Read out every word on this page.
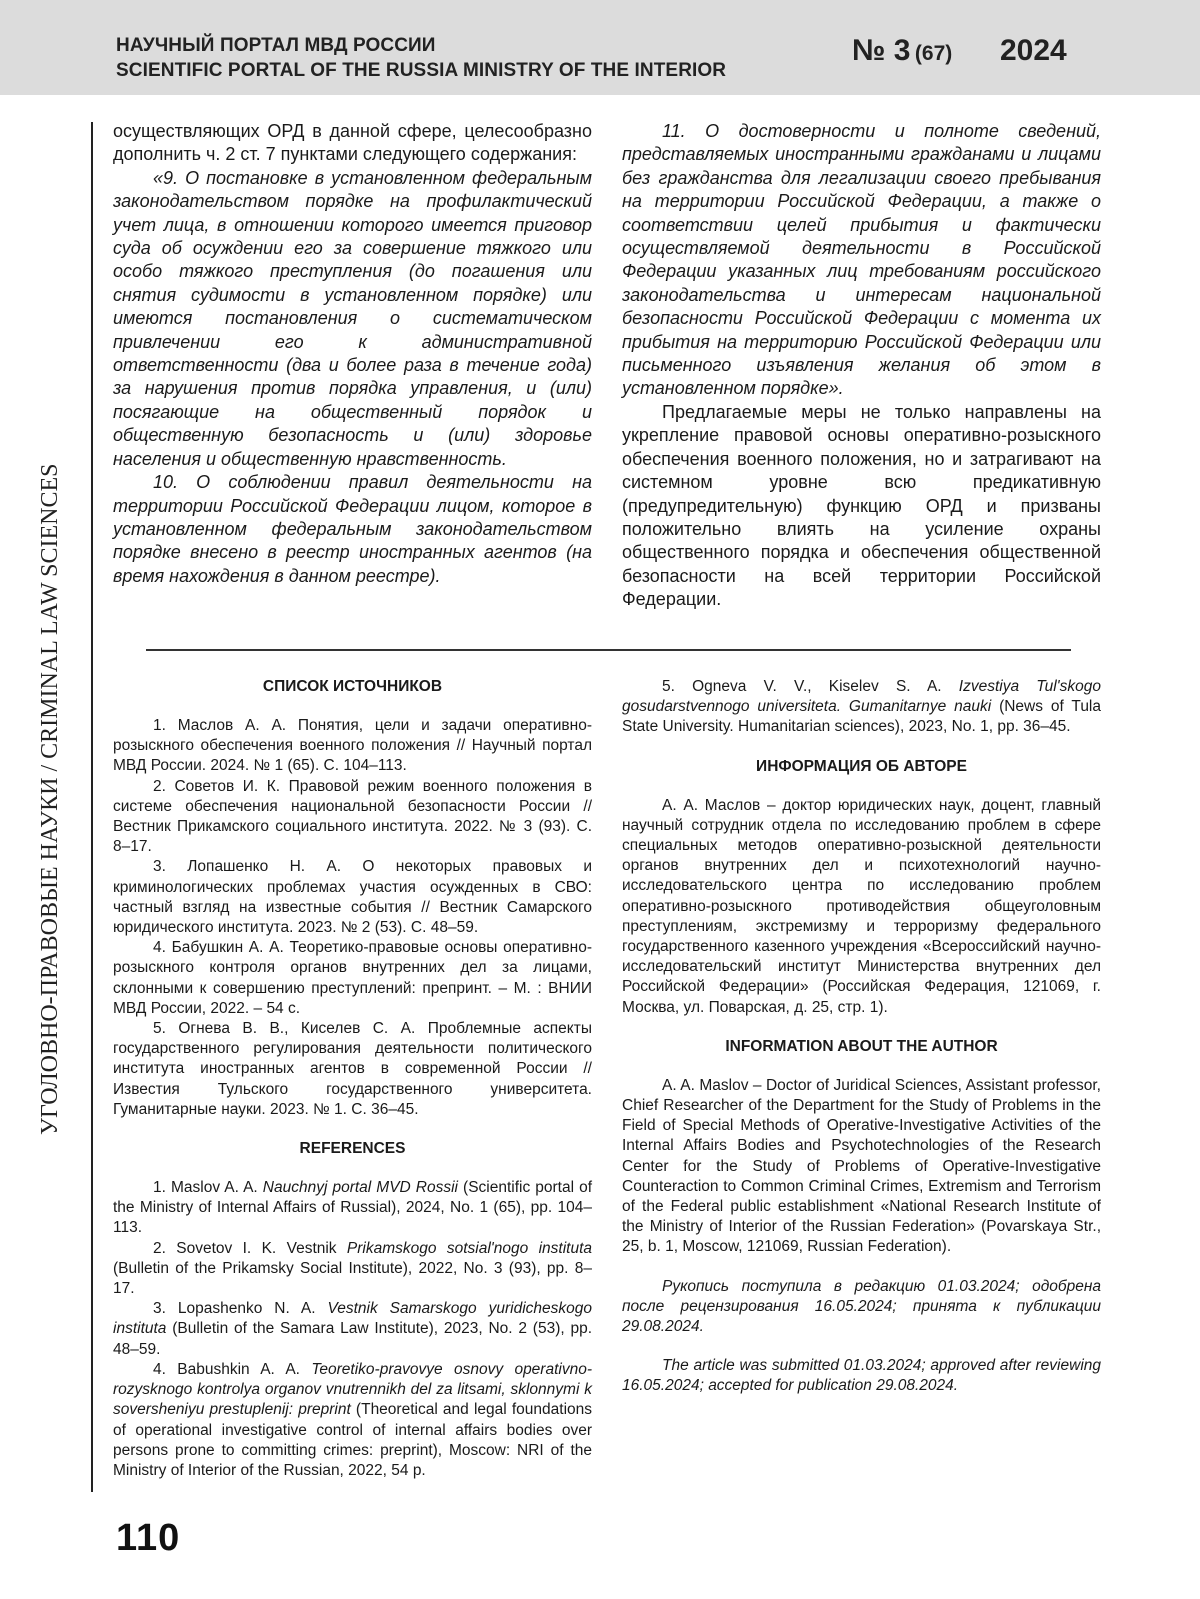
НАУЧНЫЙ ПОРТАЛ МВД РОССИИ
SCIENTIFIC PORTAL OF THE RUSSIA MINISTRY OF THE INTERIOR
№ 3 (67) 2024
УГОЛОВНО-ПРАВОВЫЕ НАУКИ / CRIMINAL LAW SCIENCES

осуществляющих ОРД в данной сфере, целесообразно дополнить ч. 2 ст. 7 пунктами следующего содержания:

«9. О постановке в установленном федеральным законодательством порядке на профилактический учет лица, в отношении которого имеется приговор суда об осуждении его за совершение тяжкого или особо тяжкого преступления (до погашения или снятия судимости в установленном порядке) или имеются постановления о систематическом привлечении его к административной ответственности (два и более раза в течение года) за нарушения против порядка управления, и (или) посягающие на общественный порядок и общественную безопасность и (или) здоровье населения и общественную нравственность.

10. О соблюдении правил деятельности на территории Российской Федерации лицом, которое в установленном федеральным законодательством порядке внесено в реестр иностранных агентов (на время нахождения в данном реестре).

11. О достоверности и полноте сведений, представляемых иностранными гражданами и лицами без гражданства для легализации своего пребывания на территории Российской Федерации, а также о соответствии целей прибытия и фактически осуществляемой деятельности в Российской Федерации указанных лиц требованиям российского законодательства и интересам национальной безопасности Российской Федерации с момента их прибытия на территорию Российской Федерации или письменного изъявления желания об этом в установленном порядке».

Предлагаемые меры не только направлены на укрепление правовой основы оперативно-розыскного обеспечения военного положения, но и затрагивают на системном уровне всю предикативную (предупредительную) функцию ОРД и призваны положительно влиять на усиление охраны общественного порядка и обеспечения общественной безопасности на всей территории Российской Федерации.

СПИСОК ИСТОЧНИКОВ

1. Маслов А. А. Понятия, цели и задачи оперативно-розыскного обеспечения военного положения // Научный портал МВД России. 2024. № 1 (65). С. 104–113.

2. Советов И. К. Правовой режим военного положения в системе обеспечения национальной безопасности России // Вестник Прикамского социального института. 2022. № 3 (93). С. 8–17.

3. Лопашенко Н. А. О некоторых правовых и криминологических проблемах участия осужденных в СВО: частный взгляд на известные события // Вестник Самарского юридического института. 2023. № 2 (53). С. 48–59.

4. Бабушкин А. А. Теоретико-правовые основы оперативно-розыскного контроля органов внутренних дел за лицами, склонными к совершению преступлений: препринт. – М. : ВНИИ МВД России, 2022. – 54 с.

5. Огнева В. В., Киселев С. А. Проблемные аспекты государственного регулирования деятельности политического института иностранных агентов в современной России // Известия Тульского государственного университета. Гуманитарные науки. 2023. № 1. С. 36–45.

REFERENCES

1. Maslov A. A. Nauchnyj portal MVD Rossii (Scientific portal of the Ministry of Internal Affairs of Russial), 2024, No. 1 (65), pp. 104–113.

2. Sovetov I. K. Vestnik Prikamskogo sotsial'nogo instituta (Bulletin of the Prikamsky Social Institute), 2022, No. 3 (93), pp. 8–17.

3. Lopashenko N. A. Vestnik Samarskogo yuridicheskogo instituta (Bulletin of the Samara Law Institute), 2023, No. 2 (53), pp. 48–59.

4. Babushkin A. A. Teoretiko-pravovye osnovy operativno-rozysknogo kontrolya organov vnutrennikh del za litsami, sklonnymi k soversheniyu prestuplenij: preprint (Theoretical and legal foundations of operational investigative control of internal affairs bodies over persons prone to committing crimes: preprint), Moscow: NRI of the Ministry of Interior of the Russian, 2022, 54 p.

5. Ogneva V. V., Kiselev S. A. Izvestiya Tul'skogo gosudarstvennogo universiteta. Gumanitarnye nauki (News of Tula State University. Humanitarian sciences), 2023, No. 1, pp. 36–45.

ИНФОРМАЦИЯ ОБ АВТОРЕ

А. А. Маслов – доктор юридических наук, доцент, главный научный сотрудник отдела по исследованию проблем в сфере специальных методов оперативно-розыскной деятельности органов внутренних дел и психотехнологий научно-исследовательского центра по исследованию проблем оперативно-розыскного противодействия общеуголовным преступлениям, экстремизму и терроризму федерального государственного казенного учреждения «Всероссийский научно-исследовательский институт Министерства внутренних дел Российской Федерации» (Российская Федерация, 121069, г. Москва, ул. Поварская, д. 25, стр. 1).

INFORMATION ABOUT THE AUTHOR

A. A. Maslov – Doctor of Juridical Sciences, Assistant professor, Chief Researcher of the Department for the Study of Problems in the Field of Special Methods of Operative-Investigative Activities of the Internal Affairs Bodies and Psychotechnologies of the Research Center for the Study of Problems of Operative-Investigative Counteraction to Common Criminal Crimes, Extremism and Terrorism of the Federal public establishment «National Research Institute of the Ministry of Interior of the Russian Federation» (Povarskaya Str., 25, b. 1, Moscow, 121069, Russian Federation).

Рукопись поступила в редакцию 01.03.2024; одобрена после рецензирования 16.05.2024; принята к публикации 29.08.2024.

The article was submitted 01.03.2024; approved after reviewing 16.05.2024; accepted for publication 29.08.2024.

110
